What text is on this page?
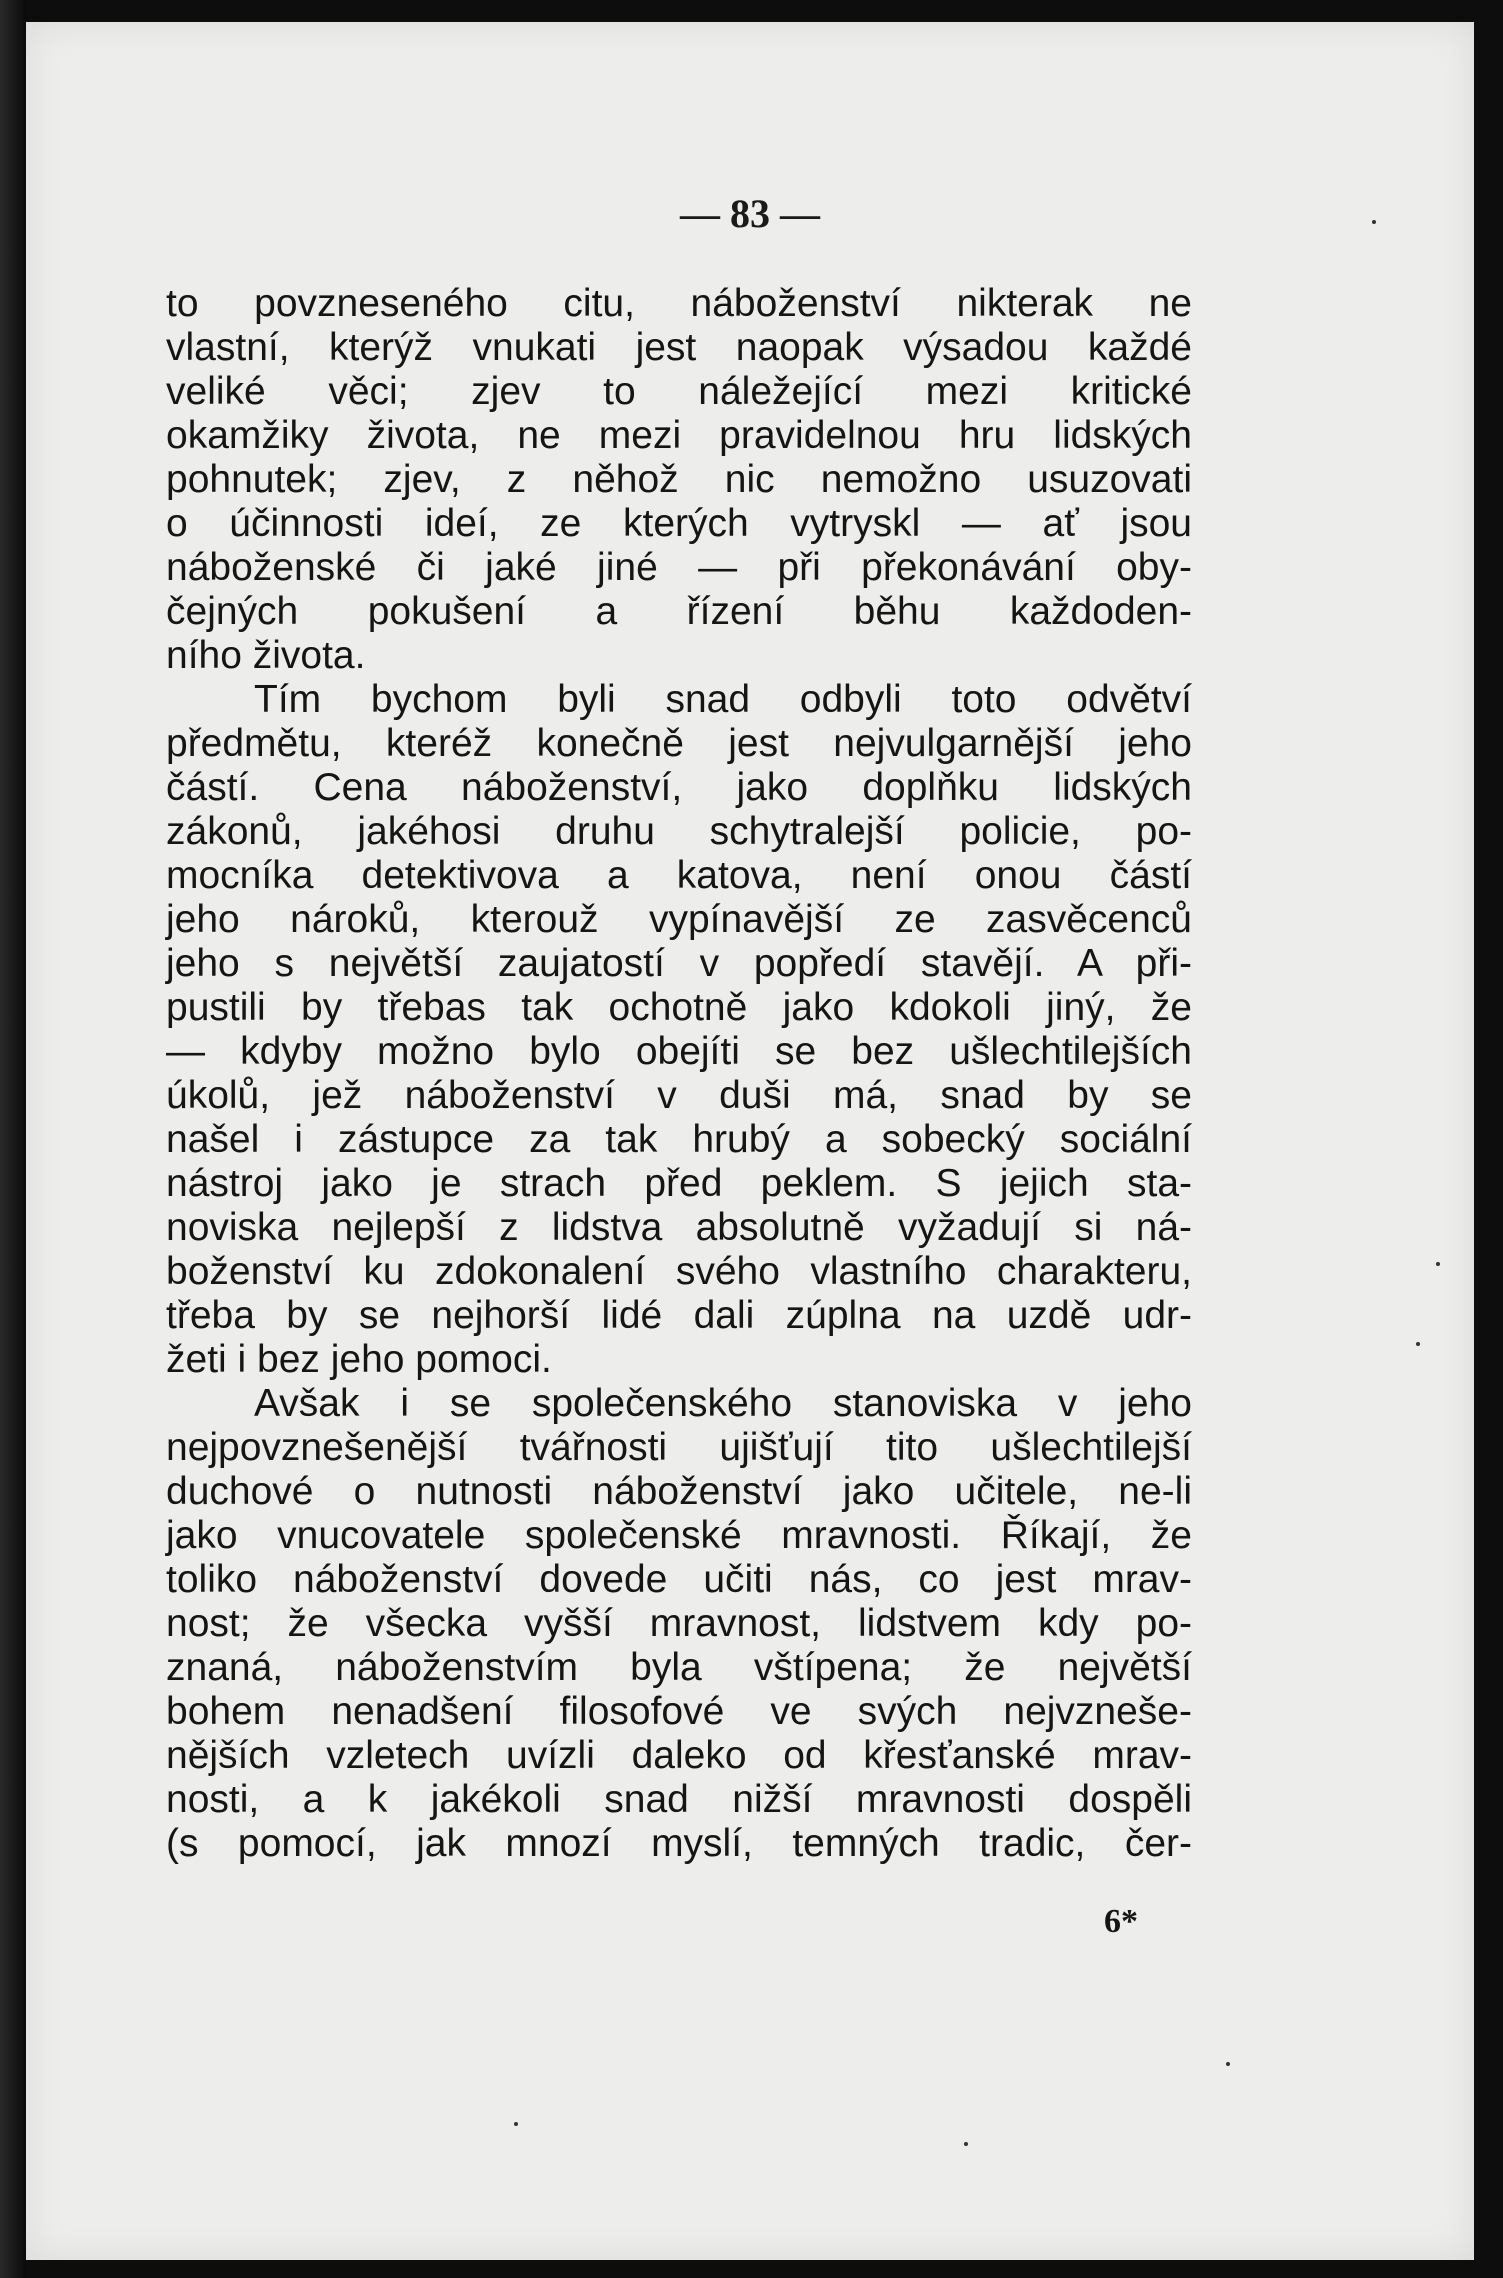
— 83 —
to povzneseného citu, náboženství nikterak ne
vlastní, kterýž vnukati jest naopak výsadou každé
veliké věci; zjev to náležející mezi kritické
okamžiky života, ne mezi pravidelnou hru lidských
pohnutek; zjev, z něhož nic nemožno usuzovati
o účinnosti ideí, ze kterých vytryskl — ať jsou
náboženské či jaké jiné — při překonávání oby-
čejných pokušení a řízení běhu každoden-
ního života.
Tím bychom byli snad odbyli toto odvětví
předmětu, kteréž konečně jest nejvulgarnější jeho
částí. Cena náboženství, jako doplňku lidských
zákonů, jakéhosi druhu schytralejší policie, po-
mocníka detektivova a katova, není onou částí
jeho nároků, kterouž vypínavější ze zasvěcenců
jeho s největší zaujatostí v popředí stavějí. A při-
pustili by třebas tak ochotně jako kdokoli jiný, že
— kdyby možno bylo obejíti se bez ušlechtilejších
úkolů, jež náboženství v duši má, snad by se
našel i zástupce za tak hrubý a sobecký sociální
nástroj jako je strach před peklem. S jejich sta-
noviska nejlepší z lidstva absolutně vyžadují si ná-
boženství ku zdokonalení svého vlastního charakteru,
třeba by se nejhorší lidé dali zúplna na uzdě udr-
žeti i bez jeho pomoci.
Avšak i se společenského stanoviska v jeho
nejpovznešenější tvářnosti ujišťují tito ušlechtilejší
duchové o nutnosti náboženství jako učitele, ne-li
jako vnucovatele společenské mravnosti. Říkají, že
toliko náboženství dovede učiti nás, co jest mrav-
nost; že všecka vyšší mravnost, lidstvem kdy po-
znaná, náboženstvím byla vštípena; že největší
bohem nenadšení filosofové ve svých nejvzneše-
nějších vzletech uvízli daleko od křesťanské mrav-
nosti, a k jakékoli snad nižší mravnosti dospěli
(s pomocí, jak mnozí myslí, temných tradic, čer-
6*
